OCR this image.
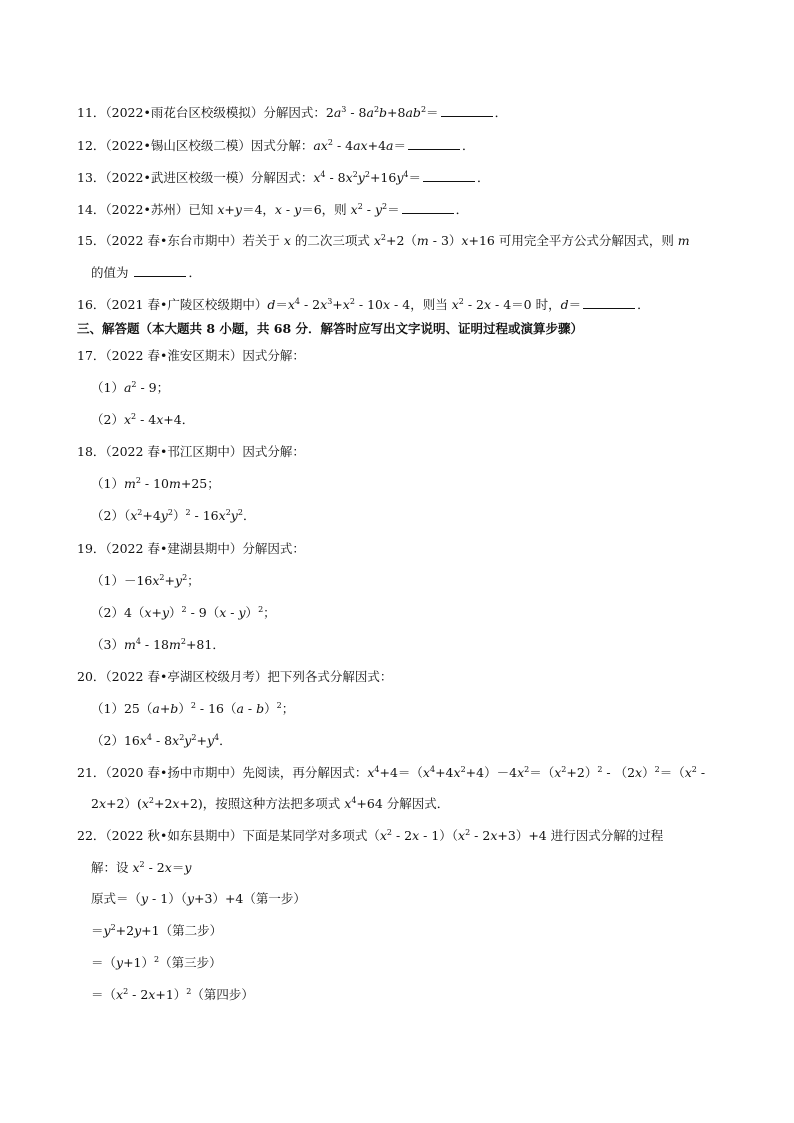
11．（2022•雨花台区校级模拟）分解因式：$2a^3 - 8a^2b+8ab^2=$	．
12．（2022•锡山区校级二模）因式分解：$ax^2 - 4ax+4a=$	．
13．（2022•武进区校级一模）分解因式：$x^4 - 8x^2y^2+16y^4=$	．
14．（2022•苏州）已知 x+y＝4，x - y＝6，则 $x^2 - y^2=$	．
15．（2022 春•东台市期中）若关于 x 的二次三项式 $x^2+2(m - 3)x+16$ 可用完全平方公式分解因式，则 m
的值为	．
16．（2021 春•广陵区校级期中）$d=x^4 - 2x^3+x^2 - 10x - 4$，则当 $x^2 - 2x - 4=0$ 时，d＝	．
三、解答题（本大题共 8 小题，共 68 分．解答时应写出文字说明、证明过程或演算步骤）
17．（2022 春•淮安区期末）因式分解：
$(1)a^2 - 9$；
$(2)x^2 - 4x+4$．
18．（2022 春•邗江区期中）因式分解：
$(1)m^2 - 10m+25$；
$(2)(x^2+4y^2)^2 - 16x^2y^2$．
19．（2022 春•建湖县期中）分解因式：
$(1)-16x^2+y^2$；
$(2)4(x+y)^2 - 9(x - y)^2$；
$(3)m^4 - 18m^2+81$．
20．（2022 春•亭湖区校级月考）把下列各式分解因式：
$(1)25(a+b)^2 - 16(a - b)^2$；
$(2)16x^4 - 8x^2y^2+y^4$．
21．（2020 春•扬中市期中）先阅读，再分解因式：$x^4+4=(x^4+4x^2+4)-4x^2=(x^2+2)^2 - (2x)^2=(x^2$ -
$2x+2)(x^2+2x+2)$，按照这种方法把多项式 $x^4+64$ 分解因式．
22．（2022 秋•如东县期中）下面是某同学对多项式$(x^2 - 2x - 1)(x^2 - 2x+3)+4$ 进行因式分解的过程
解：设 $x^2 - 2x=y$
原式＝（y - 1）（y+3）+4（第一步）
$=y^2+2y+1$（第二步）
$=(y+1)^2$（第三步）
$=(x^2 - 2x+1)^2$（第四步）
